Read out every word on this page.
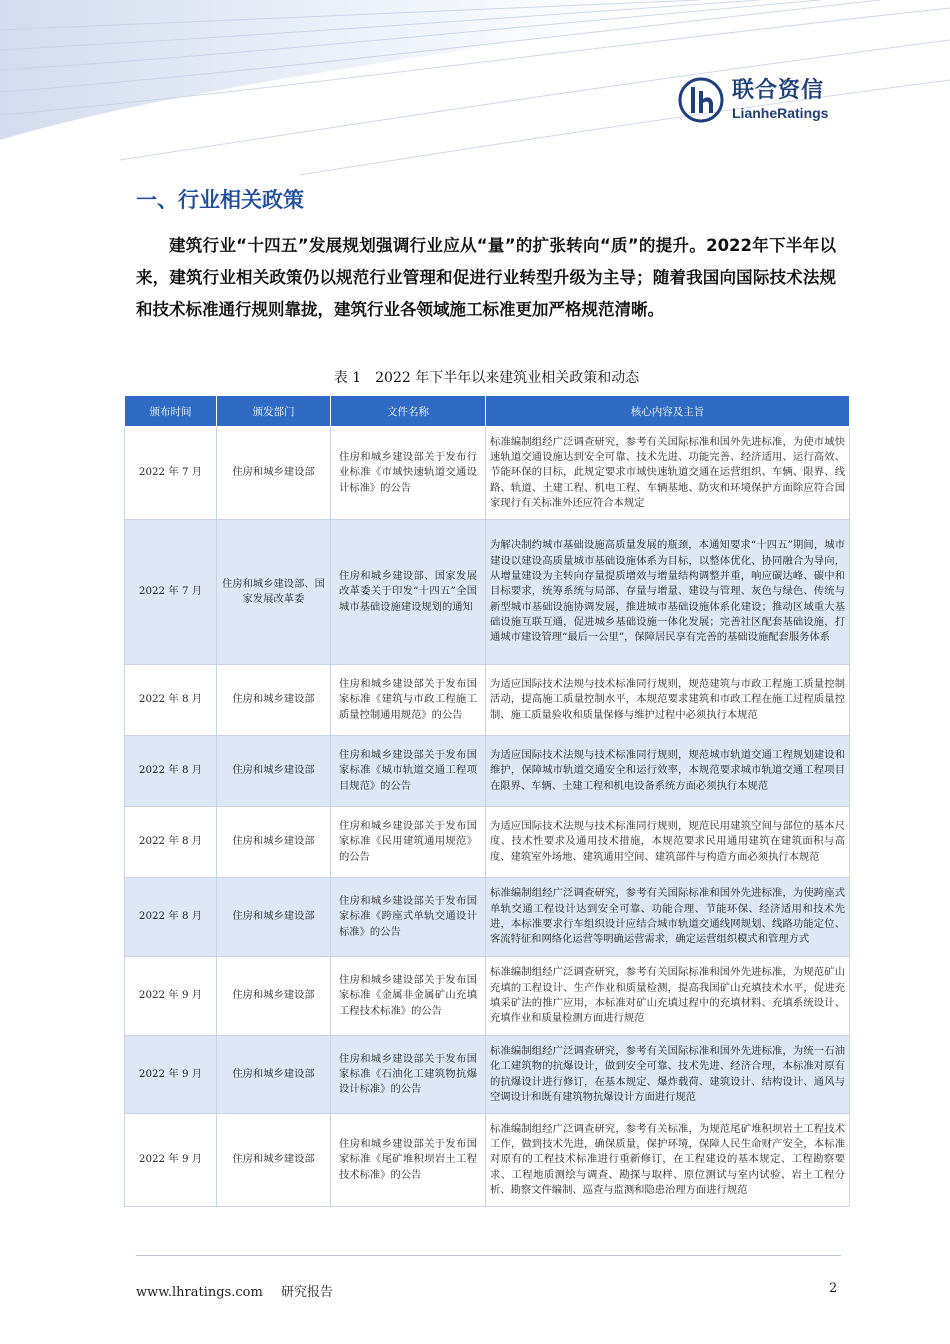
联合资信
LianheRatings
一、行业相关政策

建筑行业“十四五”发展规划强调行业应从“量”的扩张转向“质”的提升。2022年下半年以来，建筑行业相关政策仍以规范行业管理和促进行业转型升级为主导；随着我国向国际技术法规和技术标准通行规则靠拢，建筑行业各领域施工标准更加严格规范清晰。

表 1　2022 年下半年以来建筑业相关政策和动态
颁布时间	颁发部门	文件名称	核心内容及主旨
2022 年 7 月	住房和城乡建设部	住房和城乡建设部关于发布行业标准《市域快速轨道交通设计标准》的公告	标准编制组经广泛调查研究，参考有关国际标准和国外先进标准，为使市域快速轨道交通设施达到安全可靠、技术先进、功能完善、经济适用、运行高效、节能环保的目标，此规定要求市域快速轨道交通在运营组织、车辆、限界、线路、轨道、土建工程、机电工程、车辆基地、防灾和环境保护方面除应符合国家现行有关标准外还应符合本规定
2022 年 7 月	住房和城乡建设部、国家发展改革委	住房和城乡建设部、国家发展改革委关于印发“十四五”全国城市基础设施建设规划的通知	为解决制约城市基础设施高质量发展的瓶颈，本通知要求“十四五”期间，城市建设以建设高质量城市基础设施体系为目标，以整体优化、协同融合为导向，从增量建设为主转向存量提质增效与增量结构调整并重，响应碳达峰、碳中和目标要求，统筹系统与局部、存量与增量、建设与管理、灰色与绿色、传统与新型城市基础设施协调发展，推进城市基础设施体系化建设；推动区域重大基础设施互联互通，促进城乡基础设施一体化发展；完善社区配套基础设施，打通城市建设管理“最后一公里”，保障居民享有完善的基础设施配套服务体系
2022 年 8 月	住房和城乡建设部	住房和城乡建设部关于发布国家标准《建筑与市政工程施工质量控制通用规范》的公告	为适应国际技术法规与技术标准同行规则，规范建筑与市政工程施工质量控制活动，提高施工质量控制水平，本规范要求建筑和市政工程在施工过程质量控制、施工质量验收和质量保修与维护过程中必须执行本规范
2022 年 8 月	住房和城乡建设部	住房和城乡建设部关于发布国家标准《城市轨道交通工程项目规范》的公告	为适应国际技术法规与技术标准同行规则，规范城市轨道交通工程规划建设和维护，保障城市轨道交通安全和运行效率，本规范要求城市轨道交通工程项目在限界、车辆、土建工程和机电设备系统方面必须执行本规范
2022 年 8 月	住房和城乡建设部	住房和城乡建设部关于发布国家标准《民用建筑通用规范》的公告	为适应国际技术法规与技术标准同行规则，规范民用建筑空间与部位的基本尺度、技术性要求及通用技术措施，本规范要求民用通用建筑在建筑面积与高度、建筑室外场地、建筑通用空间、建筑部件与构造方面必须执行本规范
2022 年 8 月	住房和城乡建设部	住房和城乡建设部关于发布国家标准《跨座式单轨交通设计标准》的公告	标准编制组经广泛调查研究，参考有关国际标准和国外先进标准，为使跨座式单轨交通工程设计达到安全可靠、功能合理、节能环保、经济适用和技术先进，本标准要求行车组织设计应结合城市轨道交通线网规划、线路功能定位、客流特征和网络化运营等明确运营需求，确定运营组织模式和管理方式
2022 年 9 月	住房和城乡建设部	住房和城乡建设部关于发布国家标准《金属非金属矿山充填工程技术标准》的公告	标准编制组经广泛调查研究，参考有关国际标准和国外先进标准，为规范矿山充填的工程设计、生产作业和质量检测，提高我国矿山充填技术水平，促进充填采矿法的推广应用，本标准对矿山充填过程中的充填材料、充填系统设计、充填作业和质量检测方面进行规范
2022 年 9 月	住房和城乡建设部	住房和城乡建设部关于发布国家标准《石油化工建筑物抗爆设计标准》的公告	标准编制组经广泛调查研究，参考有关国际标准和国外先进标准，为统一石油化工建筑物的抗爆设计，做到安全可靠、技术先进、经济合理，本标准对原有的抗爆设计进行修订，在基本规定、爆炸载荷、建筑设计、结构设计、通风与空调设计和既有建筑物抗爆设计方面进行规范
2022 年 9 月	住房和城乡建设部	住房和城乡建设部关于发布国家标准《尾矿堆积坝岩土工程技术标准》的公告	标准编制组经广泛调查研究，参考有关标准，为规范尾矿堆积坝岩土工程技术工作，做到技术先进，确保质量，保护环境，保障人民生命财产安全，本标准对原有的工程技术标准进行重新修订，在工程建设的基本规定、工程勘察要求、工程地质测绘与调查、勘探与取样、原位测试与室内试验、岩土工程分析、勘察文件编制、巡查与监测和隐患治理方面进行规范
www.lhratings.com 研究报告	2
